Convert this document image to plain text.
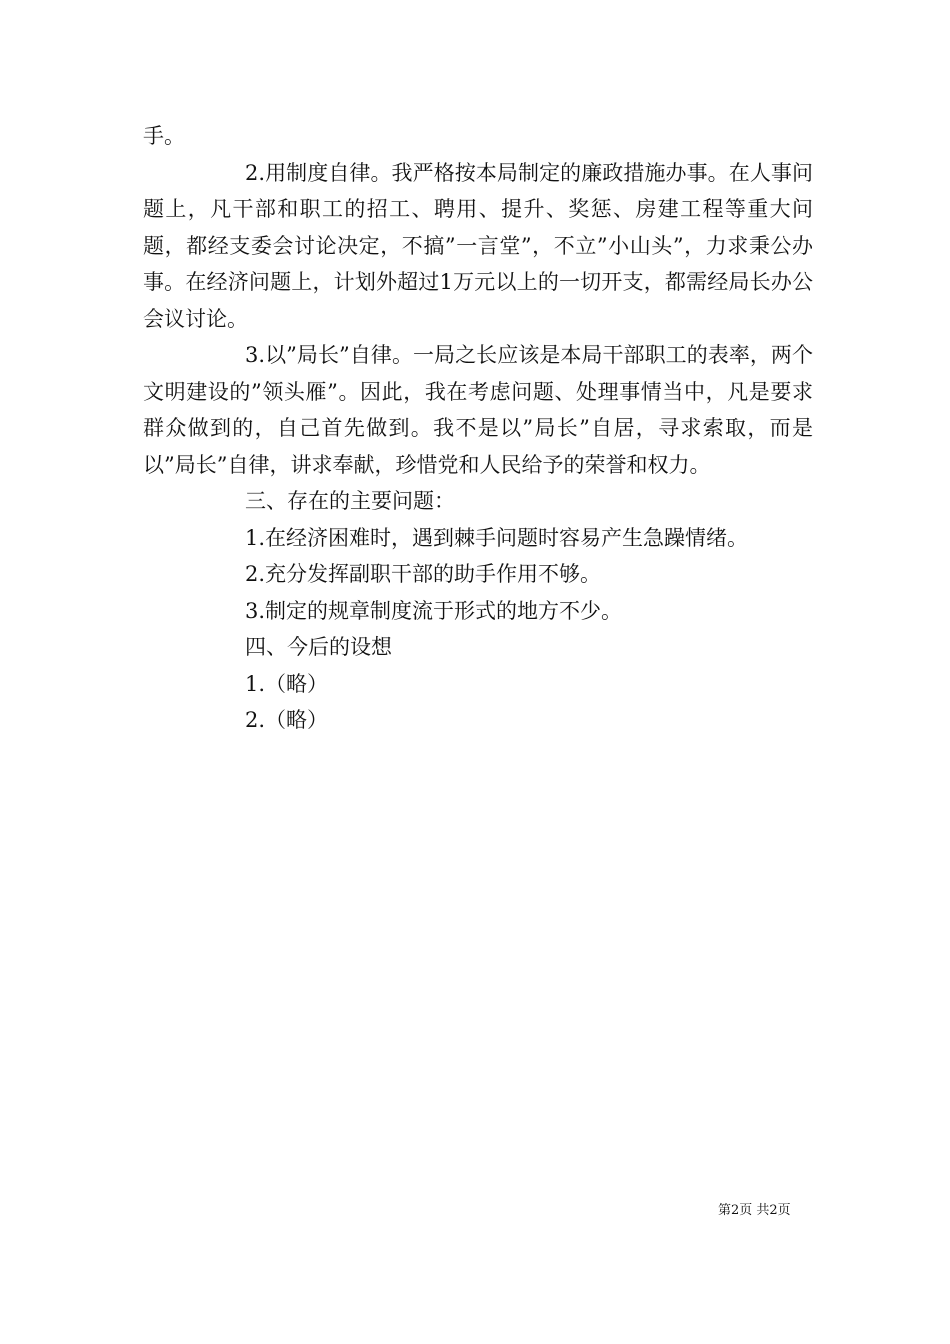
手。

2.用制度自律。我严格按本局制定的廉政措施办事。在人事问题上，凡干部和职工的招工、聘用、提升、奖惩、房建工程等重大问题，都经支委会讨论决定，不搞”一言堂”，不立”小山头”，力求秉公办事。在经济问题上，计划外超过1万元以上的一切开支，都需经局长办公会议讨论。

3.以”局长”自律。一局之长应该是本局干部职工的表率，两个文明建设的”领头雁”。因此，我在考虑问题、处理事情当中，凡是要求群众做到的，自己首先做到。我不是以”局长”自居，寻求索取，而是以”局长”自律，讲求奉献，珍惜党和人民给予的荣誉和权力。

三、存在的主要问题：

1.在经济困难时，遇到棘手问题时容易产生急躁情绪。

2.充分发挥副职干部的助手作用不够。

3.制定的规章制度流于形式的地方不少。

四、今后的设想

1.（略）

2.（略）

第2页 共2页
